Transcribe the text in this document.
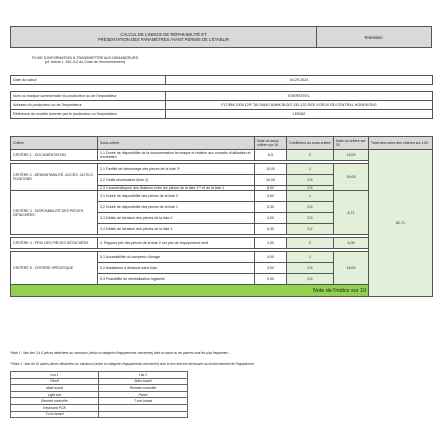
CALCUL DE L'INDICE DE RÉPARABILITÉ ET
PRÉSENTATION DES PARAMÈTRES AYANT PERMIS DE L'ÉTABLIR	Television
FICHE D'INFORMATION À TRANSMETTRE AUX DEMANDEURS
(cf. Article L. 541-9-2 du Code de l'environnement)
Date du calcul	04.29.2024

Nom ou marque commerciale du producteur ou de l'importateur	EVERSTEEL
Adresse du producteur ou de l'importateur	FLT/RM 1205 12/F TAI SANG BANK BLDG 130-132 DES VOEUX RD,CENTRAL HONGKONG
Référence du modèle donnée par le producteur ou l'importateur	LE5082
Critère	Sous-critère	Note du sous-critère sur 10	Coefficient du sous-critère	Note du critère sur 20	Total des notes des critères sur 100	
CRITÈRE 1 : DOCUMENTATION	1.1 Durée de disponibilité de la documentation technique et relative aux conseils d'utilisation et d'entretien	6,5	2	13,00	62,71	

CRITÈRE 2 : DÉMONTABILITÉ, ACCÈS, OUTILS, FIXATIONS	2.1 Facilité de démontage des pièces de la liste 2*	10,00	1	19,00		
	2.2 Outils nécessaires (liste 2)	10,00	0,5			
	2.3 Caractéristiques des fixations entre les pièces de la liste 1** et de la liste 2	8,00	0,5			
CRITÈRE 3 : DISPONIBILITÉ DES PIÈCES DÉTACHÉES	3.1 Durée de disponibilité des pièces de la liste 2	3,60	1	8,71		
	3.2 Durée de disponibilité des pièces de la liste 1	5,30	0,5			
	3.3 Délais de livraison des pièces de la liste 2	4,00	0,3			
	3.4 Délais de livraison des pièces de la liste 1	6,30	0,2			

CRITÈRE 4 : PRIX DES PIÈCES DÉTACHÉES	4. Rapport prix des pièces de la liste 2 sur prix de l'équipement neuf	2,00	2	4,00		

CRITÈRE 5 : CRITÈRE SPÉCIFIQUE	5.1 Accessibilité du compteur d'usage	9,00	1	18,00		
	5.2 Assistance à distance sans frais	9,00	0,5			
	5.3 Possibilité de réinitialisation logicielle	9,00	0,5			
Note de l'indice sur 10	
*Note 1 : liste des 3 à 5 pièces détachées au maximum (selon la catégorie d'équipements concernée) dont la casse ou les pannes sont les plus fréquentes ;
**Note 1 : liste de 10 autres pièces détachées au maximum (selon la catégorie d'équipements concernée) dont le bon état est nécessaire au fonctionnement de l'équipement.
List 1	List 2
Panel	Main board
Main board	Remote controller
Light bar	Panel
Remote controller	T-con board
Keyboard PCB	
T-con board	
